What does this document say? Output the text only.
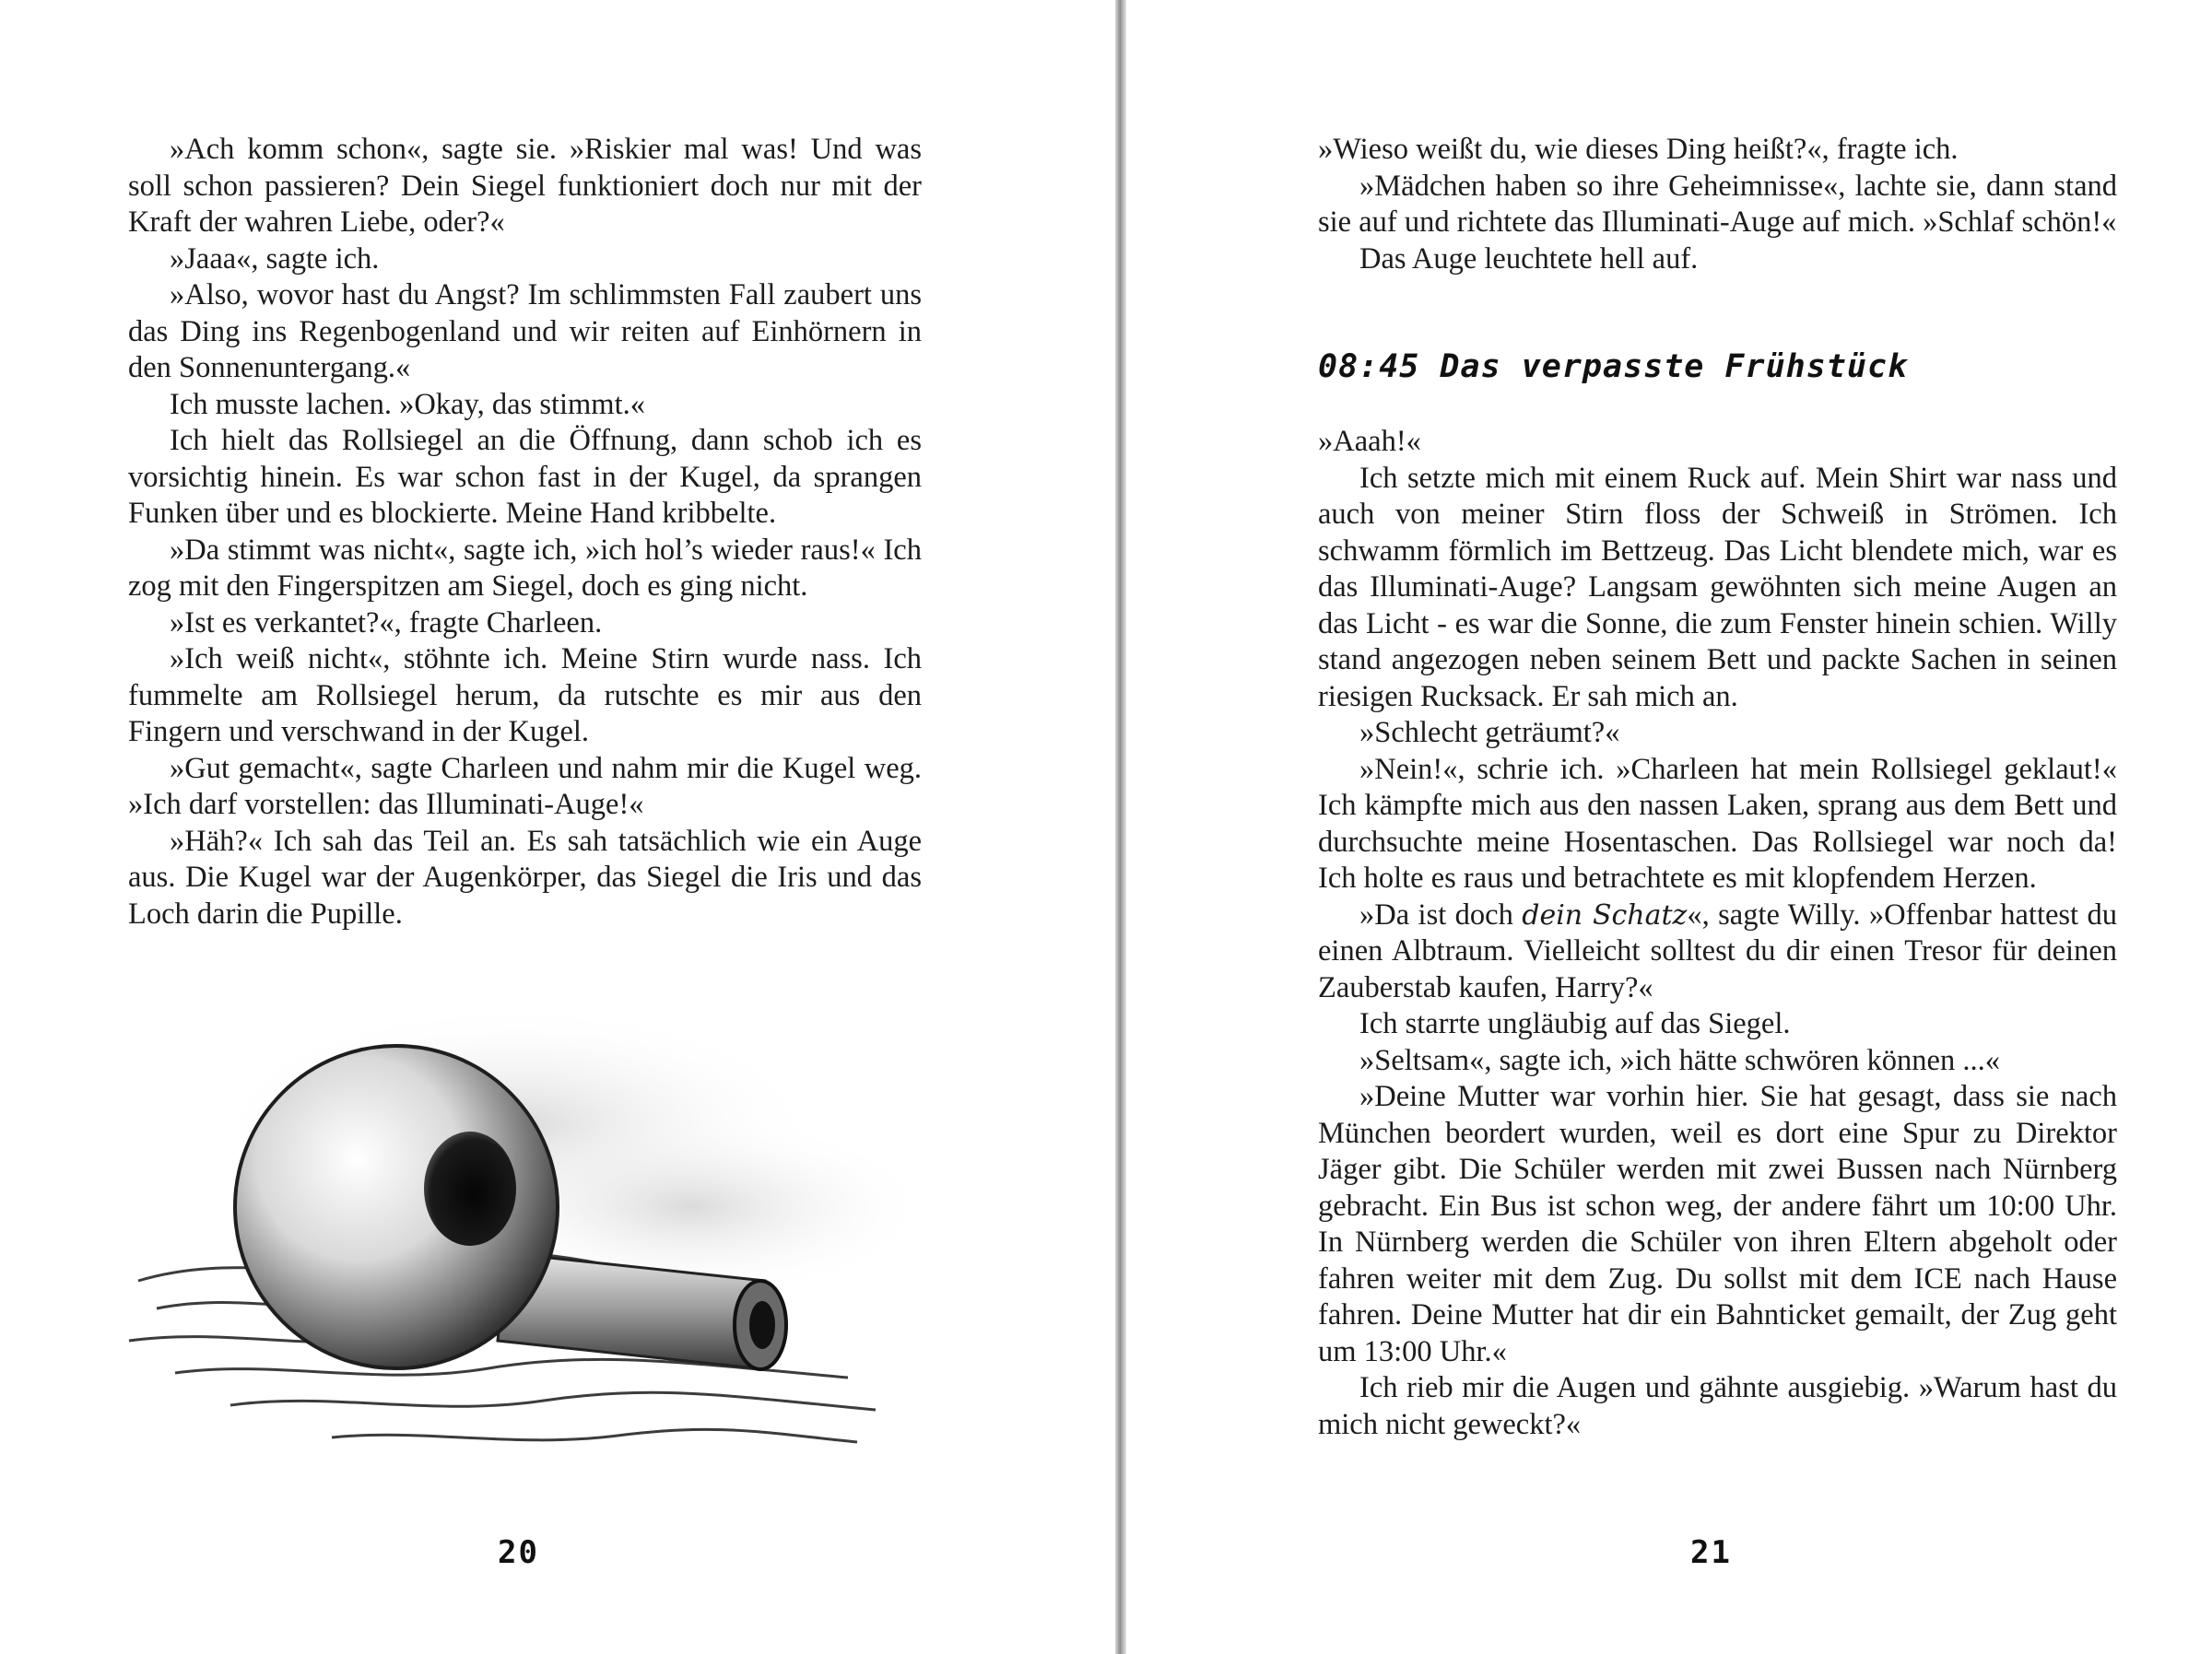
»Ach komm schon«, sagte sie. »Riskier mal was! Und was soll schon passieren? Dein Siegel funktioniert doch nur mit der Kraft der wahren Liebe, oder?«

»Jaaa«, sagte ich.

»Also, wovor hast du Angst? Im schlimmsten Fall zaubert uns das Ding ins Regenbogenland und wir reiten auf Einhörnern in den Sonnenuntergang.«

Ich musste lachen. »Okay, das stimmt.«

Ich hielt das Rollsiegel an die Öffnung, dann schob ich es vorsichtig hinein. Es war schon fast in der Kugel, da sprangen Funken über und es blockierte. Meine Hand kribbelte.

»Da stimmt was nicht«, sagte ich, »ich hol’s wieder raus!« Ich zog mit den Fingerspitzen am Siegel, doch es ging nicht.

»Ist es verkantet?«, fragte Charleen.

»Ich weiß nicht«, stöhnte ich. Meine Stirn wurde nass. Ich fummelte am Rollsiegel herum, da rutschte es mir aus den Fingern und verschwand in der Kugel.

»Gut gemacht«, sagte Charleen und nahm mir die Kugel weg. »Ich darf vorstellen: das Illuminati-Auge!«

»Häh?« Ich sah das Teil an. Es sah tatsächlich wie ein Auge aus. Die Kugel war der Augenkörper, das Siegel die Iris und das Loch darin die Pupille.

20

»Wieso weißt du, wie dieses Ding heißt?«, fragte ich.

»Mädchen haben so ihre Geheimnisse«, lachte sie, dann stand sie auf und richtete das Illuminati-Auge auf mich. »Schlaf schön!«

Das Auge leuchtete hell auf.

08:45 Das verpasste Frühstück

»Aaah!«

Ich setzte mich mit einem Ruck auf. Mein Shirt war nass und auch von meiner Stirn floss der Schweiß in Strömen. Ich schwamm förmlich im Bettzeug. Das Licht blendete mich, war es das Illuminati-Auge? Langsam gewöhnten sich meine Augen an das Licht - es war die Sonne, die zum Fenster hinein schien. Willy stand angezogen neben seinem Bett und packte Sachen in seinen riesigen Rucksack. Er sah mich an.

»Schlecht geträumt?«

»Nein!«, schrie ich. »Charleen hat mein Rollsiegel geklaut!« Ich kämpfte mich aus den nassen Laken, sprang aus dem Bett und durchsuchte meine Hosentaschen. Das Rollsiegel war noch da! Ich holte es raus und betrachtete es mit klopfendem Herzen.

»Da ist doch dein Schatz«, sagte Willy. »Offenbar hattest du einen Albtraum. Vielleicht solltest du dir einen Tresor für deinen Zauberstab kaufen, Harry?«

Ich starrte ungläubig auf das Siegel.

»Seltsam«, sagte ich, »ich hätte schwören können ...«

»Deine Mutter war vorhin hier. Sie hat gesagt, dass sie nach München beordert wurden, weil es dort eine Spur zu Direktor Jäger gibt. Die Schüler werden mit zwei Bussen nach Nürnberg gebracht. Ein Bus ist schon weg, der andere fährt um 10:00 Uhr. In Nürnberg werden die Schüler von ihren Eltern abgeholt oder fahren weiter mit dem Zug. Du sollst mit dem ICE nach Hause fahren. Deine Mutter hat dir ein Bahnticket gemailt, der Zug geht um 13:00 Uhr.«

Ich rieb mir die Augen und gähnte ausgiebig. »Warum hast du mich nicht geweckt?«

21
